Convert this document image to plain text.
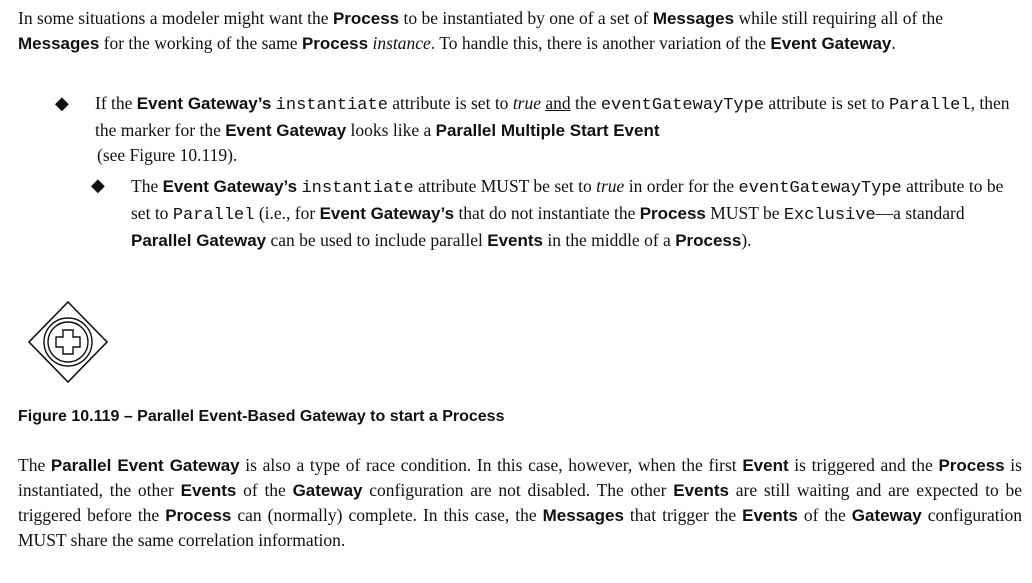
In some situations a modeler might want the Process to be instantiated by one of a set of Messages while still requiring all of the Messages for the working of the same Process instance. To handle this, there is another variation of the Event Gateway.

◆ If the Event Gateway’s instantiate attribute is set to true and the eventGatewayType attribute is set to Parallel, then the marker for the Event Gateway looks like a Parallel Multiple Start Event
(see Figure 10.119).

◆ The Event Gateway’s instantiate attribute MUST be set to true in order for the eventGatewayType attribute to be set to Parallel (i.e., for Event Gateway’s that do not instantiate the Process MUST be Exclusive—a standard Parallel Gateway can be used to include parallel Events in the middle of a Process).

Figure 10.119 – Parallel Event-Based Gateway to start a Process

The Parallel Event Gateway is also a type of race condition. In this case, however, when the first Event is triggered and the Process is instantiated, the other Events of the Gateway configuration are not disabled. The other Events are still waiting and are expected to be triggered before the Process can (normally) complete. In this case, the Messages that trigger the Events of the Gateway configuration MUST share the same correlation information.
